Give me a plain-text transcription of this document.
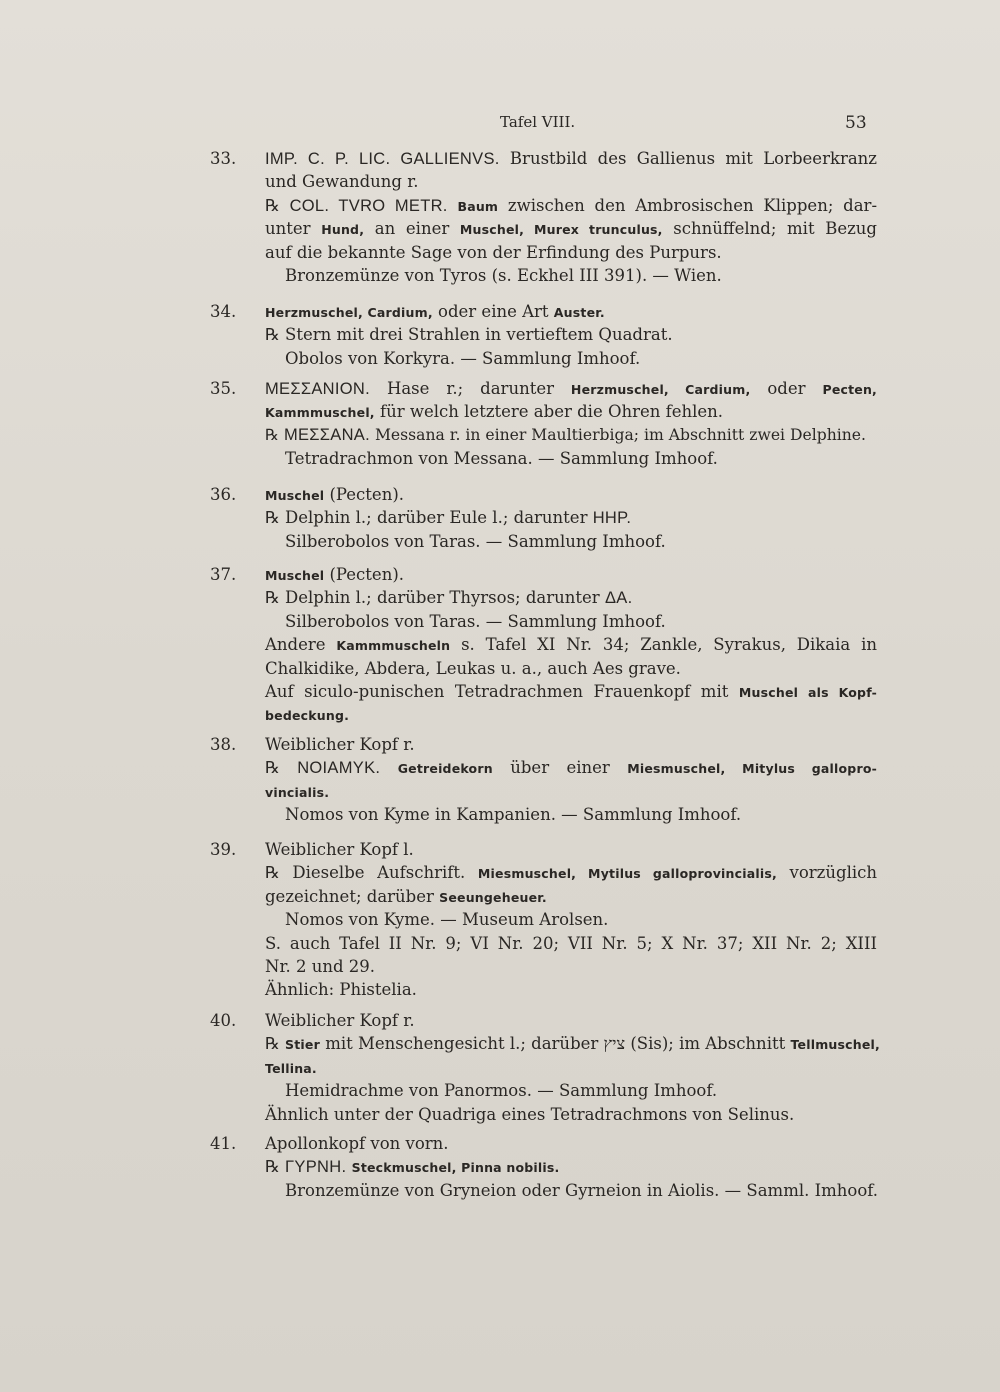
Tafel VIII.	53
33.	IMP. C. P. LIC. GALLIENVS. Brustbild des Gallienus mit Lorbeerkranz
und Gewandung r.
℞ COL. TVRO METR. Baum zwischen den Ambrosischen Klippen; dar-
unter Hund, an einer Muschel, Murex trunculus, schnüffelnd; mit Bezug
auf die bekannte Sage von der Erfindung des Purpurs.
Bronzemünze von Tyros (s. Eckhel III 391). — Wien.
34.	Herzmuschel, Cardium, oder eine Art Auster.
℞ Stern mit drei Strahlen in vertieftem Quadrat.
Obolos von Korkyra. — Sammlung Imhoof.
35.	ΜΕΣΣΑΝΙΟΝ. Hase r.; darunter Herzmuschel, Cardium, oder Pecten,
Kammmuschel, für welch letztere aber die Ohren fehlen.
℞ ΜΕΣΣΑΝΑ. Messana r. in einer Maultierbiga; im Abschnitt zwei Delphine.
Tetradrachmon von Messana. — Sammlung Imhoof.
36.	Muschel (Pecten).
℞ Delphin l.; darüber Eule l.; darunter ΗΗΡ.
Silberobolos von Taras. — Sammlung Imhoof.
37.	Muschel (Pecten).
℞ Delphin l.; darüber Thyrsos; darunter ΔΑ.
Silberobolos von Taras. — Sammlung Imhoof.
Andere Kammmuscheln s. Tafel XI Nr. 34; Zankle, Syrakus, Dikaia in
Chalkidike, Abdera, Leukas u. a., auch Aes grave.
Auf siculo-punischen Tetradrachmen Frauenkopf mit Muschel als Kopf-
bedeckung.
38.	Weiblicher Kopf r.
℞ ΝΟΙΑΜΥΚ. Getreidekorn über einer Miesmuschel, Mitylus gallopro-
vincialis.
Nomos von Kyme in Kampanien. — Sammlung Imhoof.
39.	Weiblicher Kopf l.
℞ Dieselbe Aufschrift. Miesmuschel, Mytilus galloprovincialis, vorzüglich
gezeichnet; darüber Seeungeheuer.
Nomos von Kyme. — Museum Arolsen.
S. auch Tafel II Nr. 9; VI Nr. 20; VII Nr. 5; X Nr. 37; XII Nr. 2; XIII
Nr. 2 und 29.
Ähnlich: Phistelia.
40.	Weiblicher Kopf r.
℞ Stier mit Menschengesicht l.; darüber ציץ (Sis); im Abschnitt Tellmuschel,
Tellina.
Hemidrachme von Panormos. — Sammlung Imhoof.
Ähnlich unter der Quadriga eines Tetradrachmons von Selinus.
41.	Apollonkopf von vorn.
℞ ΓΥΡΝΗ. Steckmuschel, Pinna nobilis.
Bronzemünze von Gryneion oder Gyrneion in Aiolis. — Samml. Imhoof.
